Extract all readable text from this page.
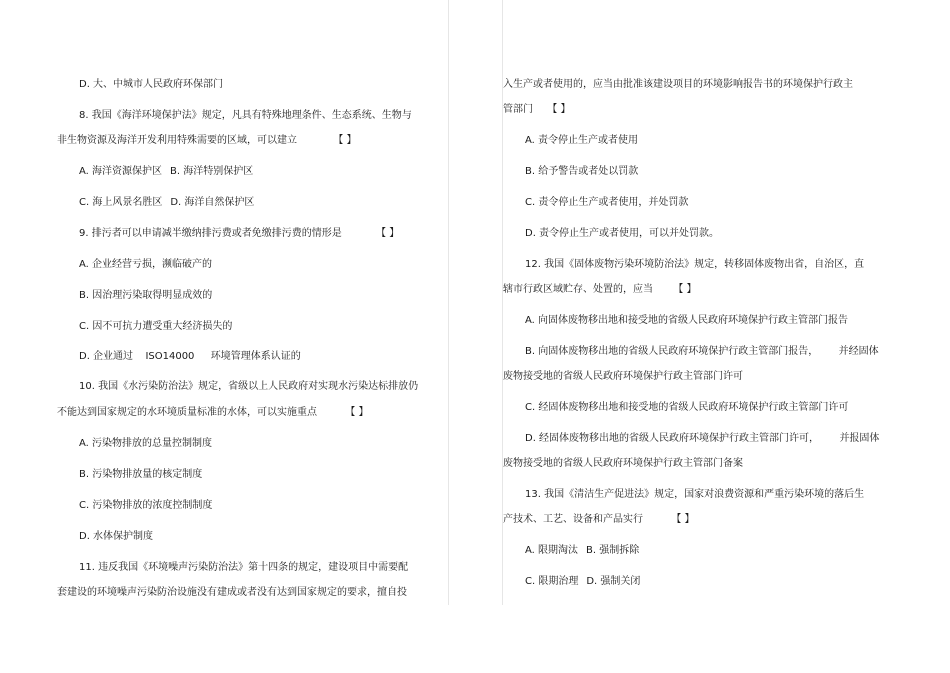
D. 大、中城市人民政府环保部门
8. 我国《海洋环境保护法》规定，凡具有特殊地理条件、生态系统、生物与
非生物资源及海洋开发利用特殊需要的区域，可以建立	【 】
A. 海洋资源保护区 B. 海洋特别保护区
C. 海上风景名胜区 D. 海洋自然保护区
9. 排污者可以申请减半缴纳排污费或者免缴排污费的情形是	【 】
A. 企业经营亏损，濒临破产的
B. 因治理污染取得明显成效的
C. 因不可抗力遭受重大经济损失的
D. 企业通过 ISO14000 环境管理体系认证的
10. 我国《水污染防治法》规定，省级以上人民政府对实现水污染达标排放仍
不能达到国家规定的水环境质量标准的水体，可以实施重点	【 】
A. 污染物排放的总量控制制度
B. 污染物排放量的核定制度
C. 污染物排放的浓度控制制度
D. 水体保护制度
11. 违反我国《环境噪声污染防治法》第十四条的规定，建设项目中需要配
套建设的环境噪声污染防治设施没有建成或者没有达到国家规定的要求，擅自投
入生产或者使用的，应当由批准该建设项目的环境影响报告书的环境保护行政主
管部门 【 】
A. 责令停止生产或者使用
B. 给予警告或者处以罚款
C. 责令停止生产或者使用，并处罚款
D. 责令停止生产或者使用，可以并处罚款。
12. 我国《固体废物污染环境防治法》规定，转移固体废物出省，自治区，直
辖市行政区域贮存、处置的，应当 【 】
A. 向固体废物移出地和接受地的省级人民政府环境保护行政主管部门报告
B. 向固体废物移出地的省级人民政府环境保护行政主管部门报告， 并经固体
废物接受地的省级人民政府环境保护行政主管部门许可
C. 经固体废物移出地和接受地的省级人民政府环境保护行政主管部门许可
D. 经固体废物移出地的省级人民政府环境保护行政主管部门许可， 并报固体
废物接受地的省级人民政府环境保护行政主管部门备案
13. 我国《清洁生产促进法》规定，国家对浪费资源和严重污染环境的落后生
产技术、工艺、设备和产品实行	【 】
A. 限期淘汰 B. 强制拆除
C. 限期治理 D. 强制关闭
